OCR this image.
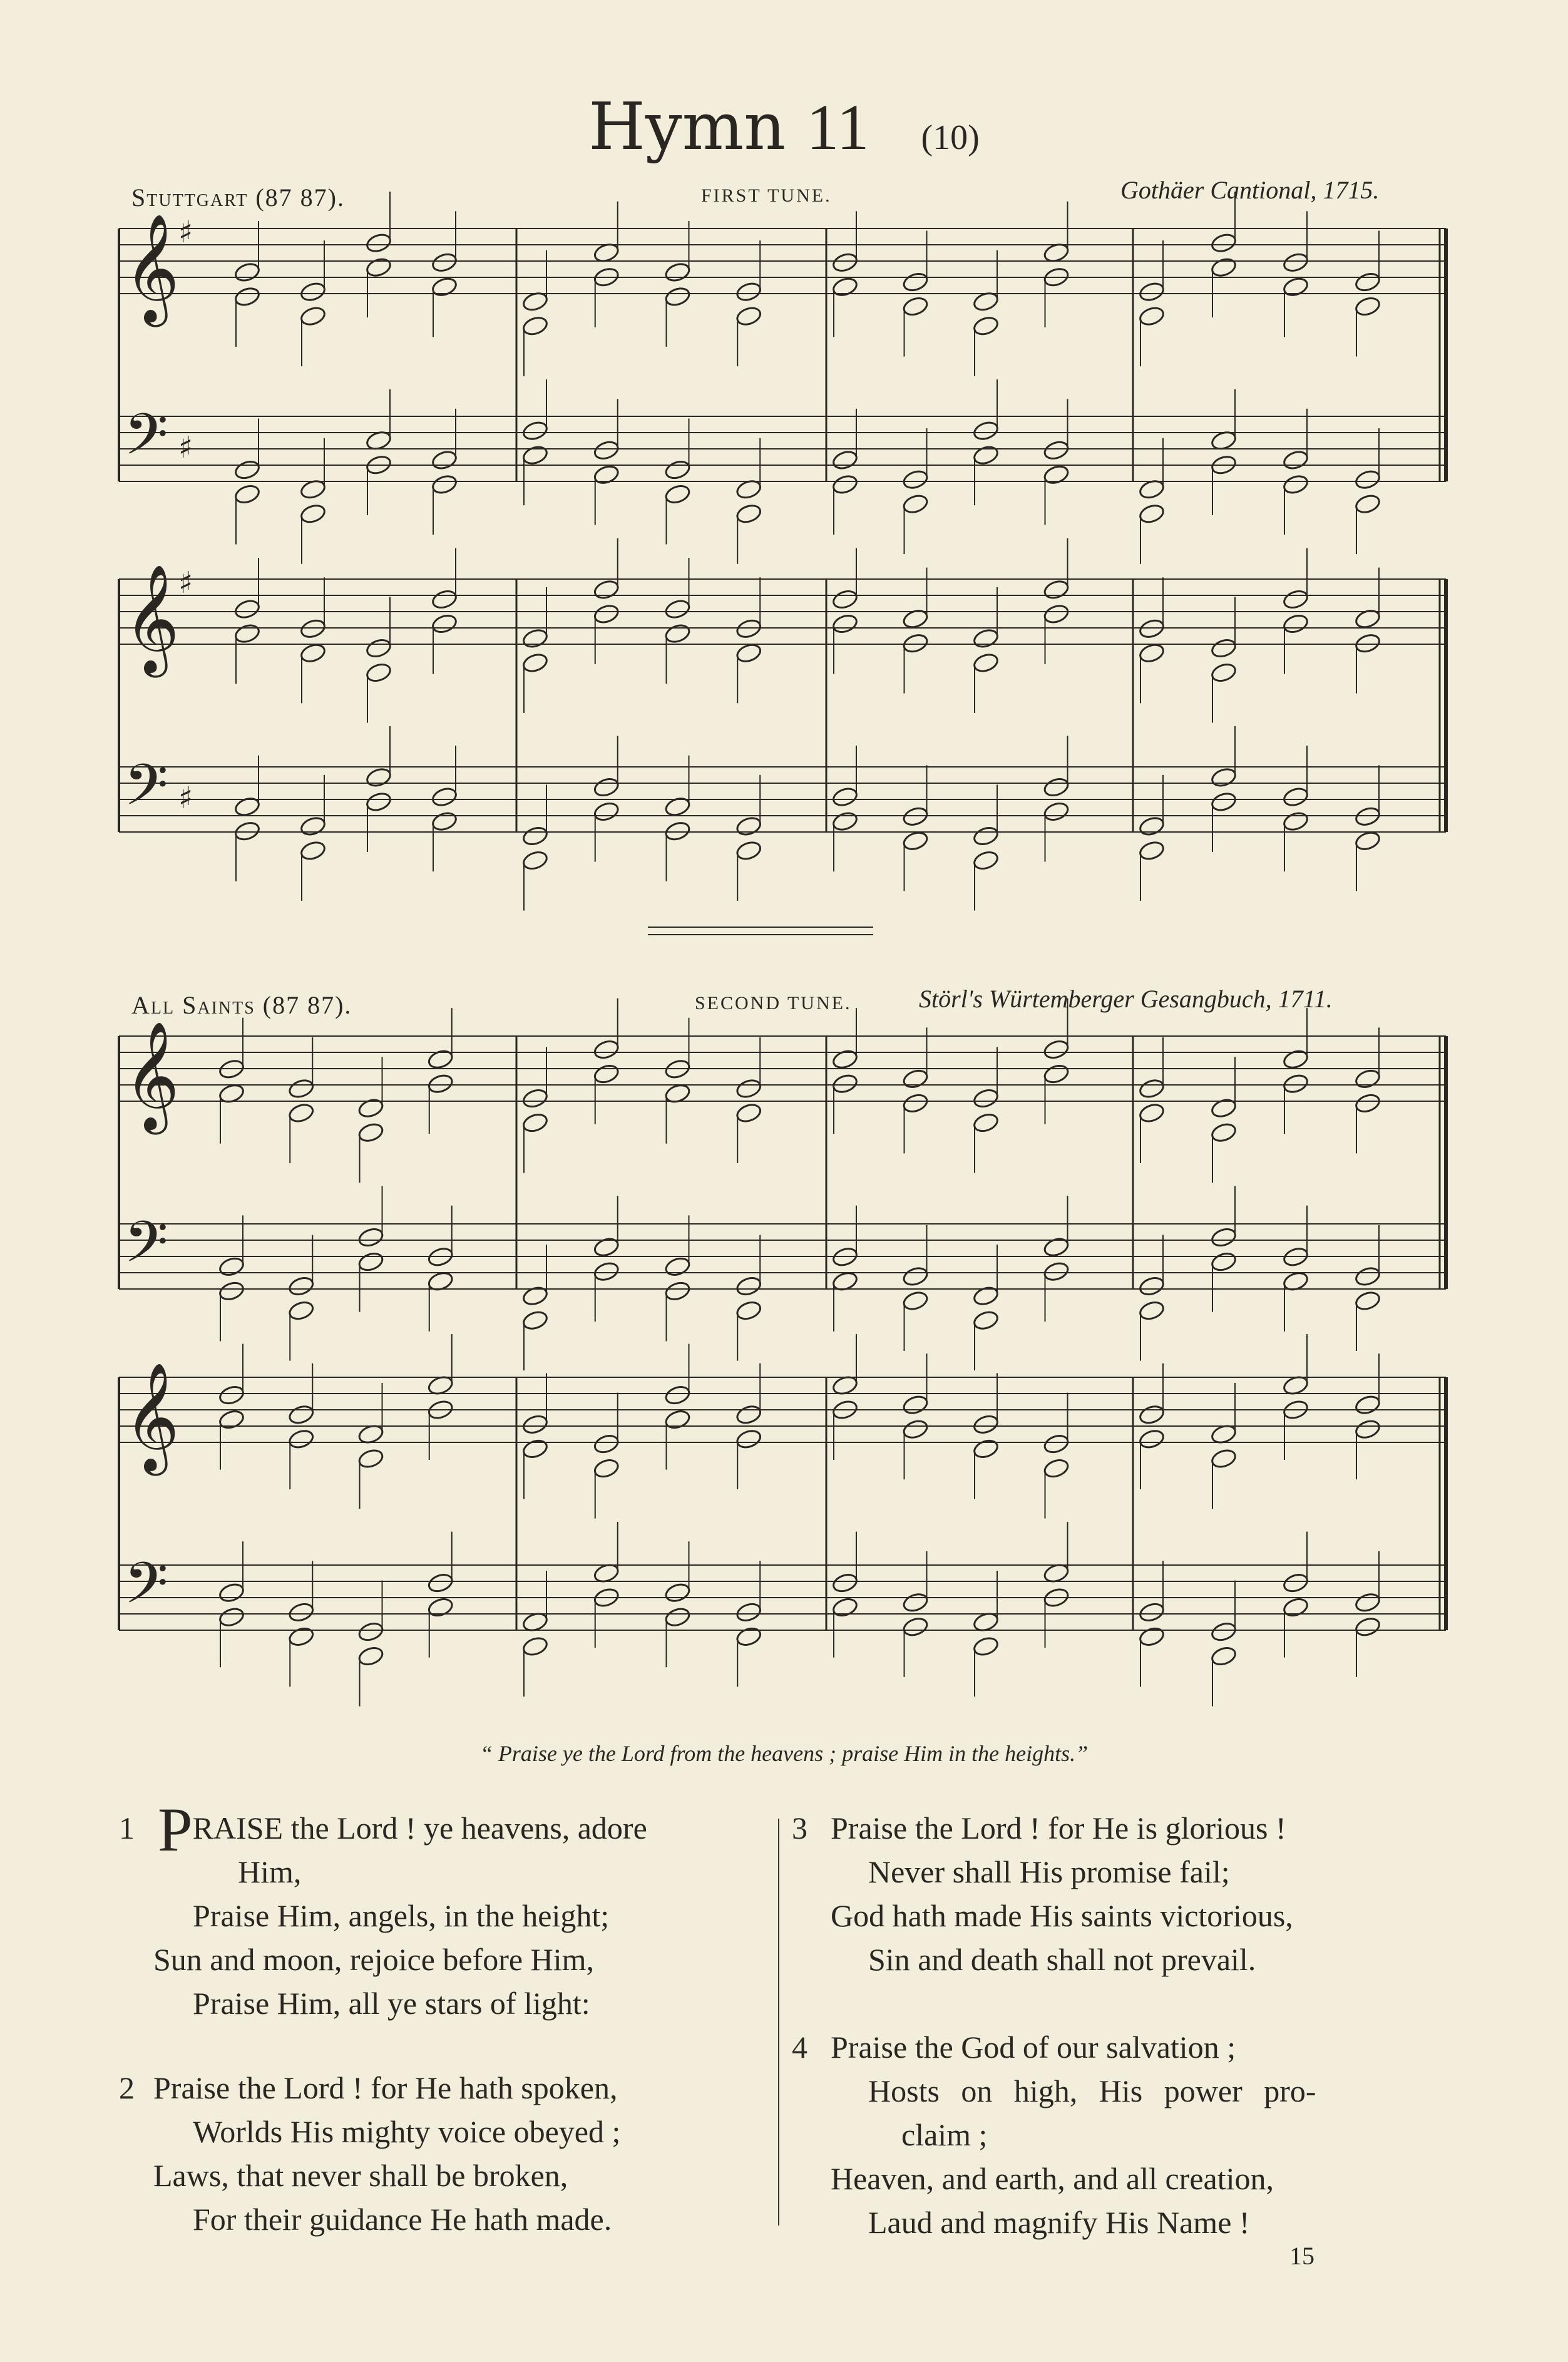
Hymn 11 (10)
Stuttgart (87 87).	FIRST TUNE.	Gothäer Cantional, 1715.
All Saints (87 87).	SECOND TUNE.	Störl's Würtemberger Gesangbuch, 1711.
𝄞
♯
𝄢 ♯
𝄞
♯
𝄢 ♯
𝄞
𝄢
𝄞
𝄢
“ Praise ye the Lord from the heavens ; praise Him in the heights.”
1 PRAISE the Lord ! ye heavens, adore
Him,
Praise Him, angels, in the height;
Sun and moon, rejoice before Him,
Praise Him, all ye stars of light:
2 Praise the Lord ! for He hath spoken,
Worlds His mighty voice obeyed ;
Laws, that never shall be broken,
For their guidance He hath made.
3 Praise the Lord ! for He is glorious !
Never shall His promise fail;
God hath made His saints victorious,
Sin and death shall not prevail.
4 Praise the God of our salvation ;
Hosts on high, His power pro-
claim ;
Heaven, and earth, and all creation,
Laud and magnify His Name !
15
